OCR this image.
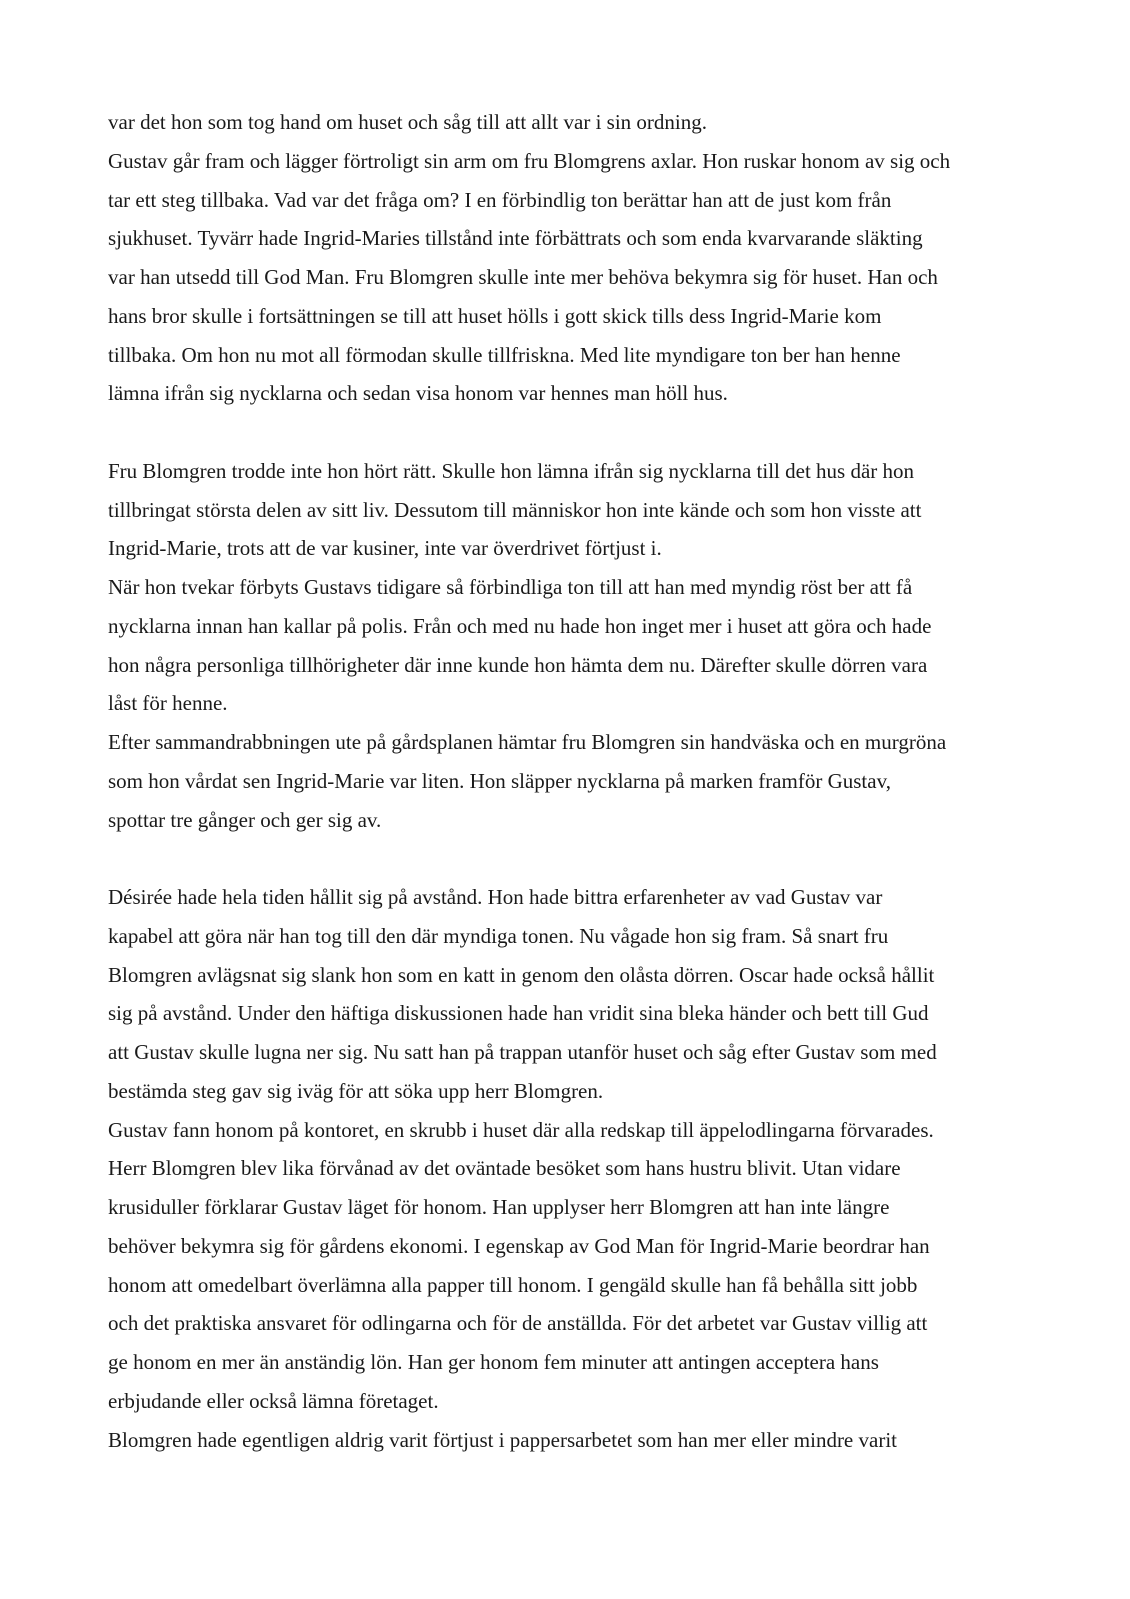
var det hon som tog hand om huset och såg till att allt var i sin ordning.

Gustav går fram och lägger förtroligt sin arm om fru Blomgrens axlar. Hon ruskar honom av sig och
tar ett steg tillbaka. Vad var det fråga om? I en förbindlig ton berättar han att de just kom från
sjukhuset. Tyvärr hade Ingrid-Maries tillstånd inte förbättrats och som enda kvarvarande släkting
var han utsedd till God Man. Fru Blomgren skulle inte mer behöva bekymra sig för huset. Han och
hans bror skulle i fortsättningen se till att huset hölls i gott skick tills dess Ingrid-Marie kom
tillbaka. Om hon nu mot all förmodan skulle tillfriskna. Med lite myndigare ton ber han henne
lämna ifrån sig nycklarna och sedan visa honom var hennes man höll hus.

Fru Blomgren trodde inte hon hört rätt. Skulle hon lämna ifrån sig nycklarna till det hus där hon
tillbringat största delen av sitt liv. Dessutom till människor hon inte kände och som hon visste att
Ingrid-Marie, trots att de var kusiner, inte var överdrivet förtjust i.

När hon tvekar förbyts Gustavs tidigare så förbindliga ton till att han med myndig röst ber att få
nycklarna innan han kallar på polis. Från och med nu hade hon inget mer i huset att göra och hade
hon några personliga tillhörigheter där inne kunde hon hämta dem nu. Därefter skulle dörren vara
låst för henne.

Efter sammandrabbningen ute på gårdsplanen hämtar fru Blomgren sin handväska och en murgröna
som hon vårdat sen Ingrid-Marie var liten. Hon släpper nycklarna på marken framför Gustav,
spottar tre gånger och ger sig av.

Désirée hade hela tiden hållit sig på avstånd. Hon hade bittra erfarenheter av vad Gustav var
kapabel att göra när han tog till den där myndiga tonen. Nu vågade hon sig fram. Så snart fru
Blomgren avlägsnat sig slank hon som en katt in genom den olåsta dörren. Oscar hade också hållit
sig på avstånd. Under den häftiga diskussionen hade han vridit sina bleka händer och bett till Gud
att Gustav skulle lugna ner sig. Nu satt han på trappan utanför huset och såg efter Gustav som med
bestämda steg gav sig iväg för att söka upp herr Blomgren.

Gustav fann honom på kontoret, en skrubb i huset där alla redskap till äppelodlingarna förvarades.
Herr Blomgren blev lika förvånad av det oväntade besöket som hans hustru blivit. Utan vidare
krusiduller förklarar Gustav läget för honom. Han upplyser herr Blomgren att han inte längre
behöver bekymra sig för gårdens ekonomi. I egenskap av God Man för Ingrid-Marie beordrar han
honom att omedelbart överlämna alla papper till honom. I gengäld skulle han få behålla sitt jobb
och det praktiska ansvaret för odlingarna och för de anställda. För det arbetet var Gustav villig att
ge honom en mer än anständig lön. Han ger honom fem minuter att antingen acceptera hans
erbjudande eller också lämna företaget.

Blomgren hade egentligen aldrig varit förtjust i pappersarbetet som han mer eller mindre varit
